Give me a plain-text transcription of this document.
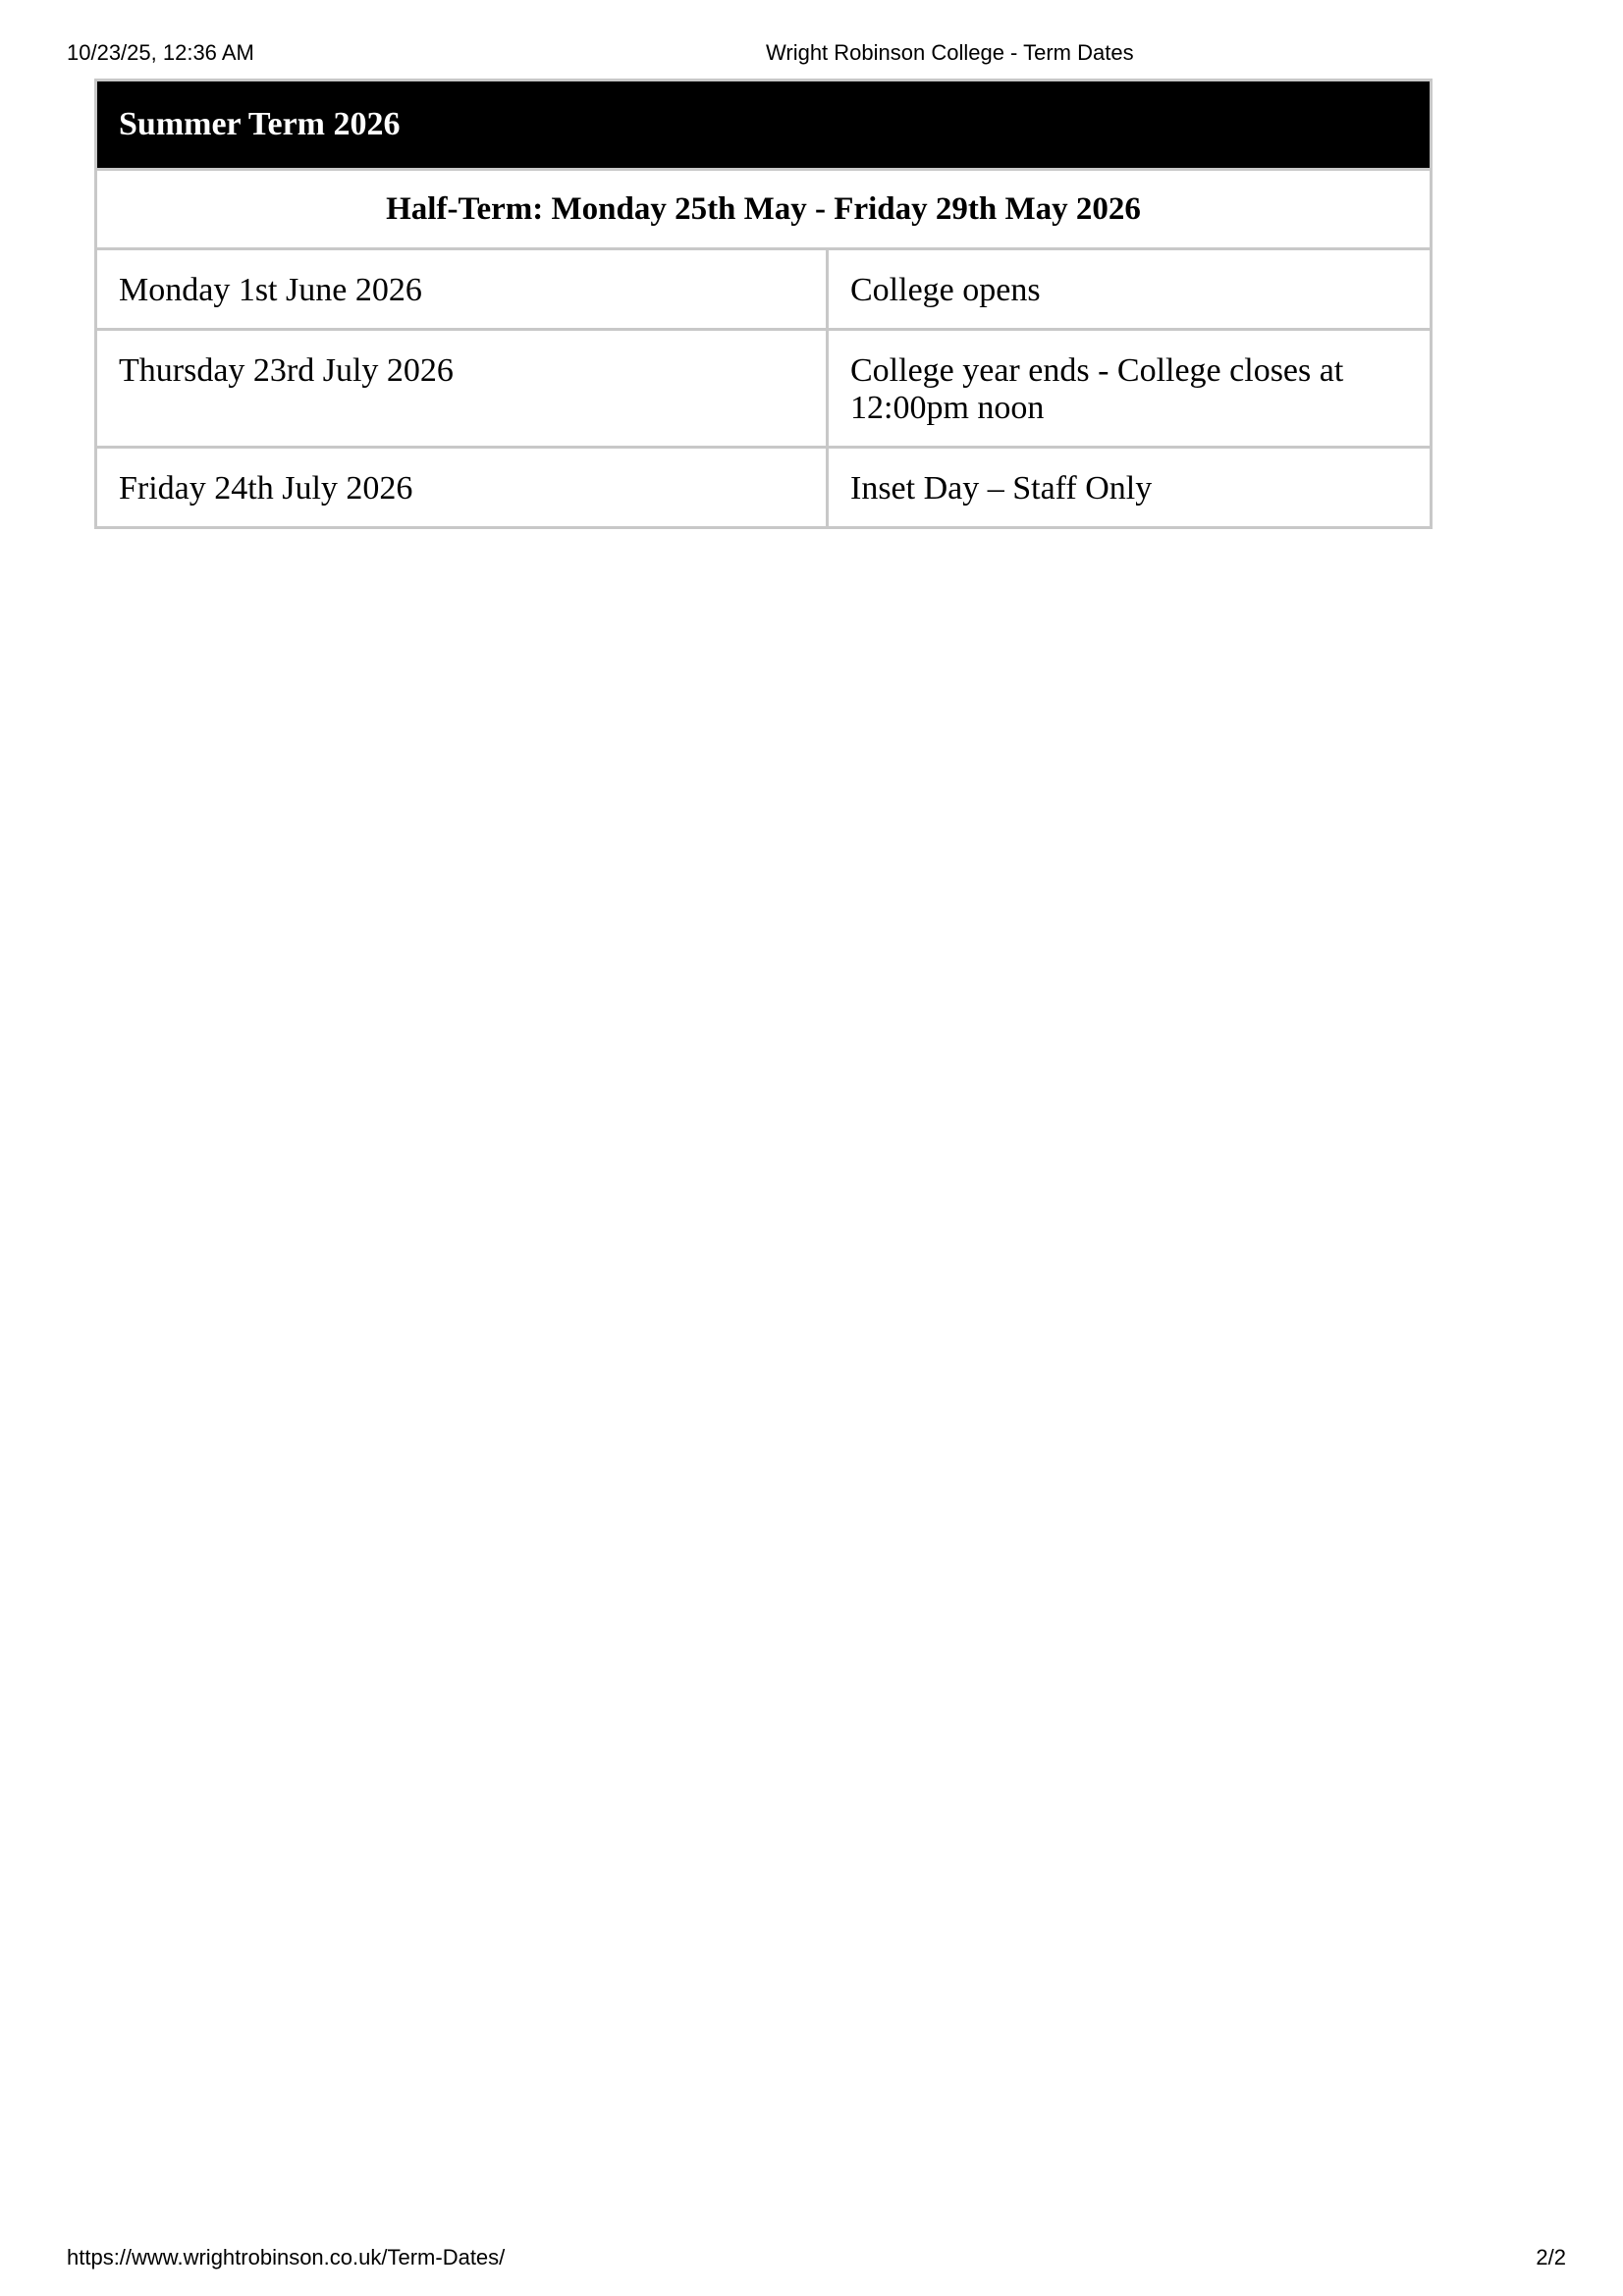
10/23/25, 12:36 AM	Wright Robinson College - Term Dates
Summer Term 2026	
Half-Term: Monday 25th May - Friday 29th May 2026	
Monday 1st June 2026	College opens
Thursday 23rd July 2026	College year ends - College closes at 12:00pm noon
Friday 24th July 2026	Inset Day – Staff Only
https://www.wrightrobinson.co.uk/Term-Dates/	2/2
